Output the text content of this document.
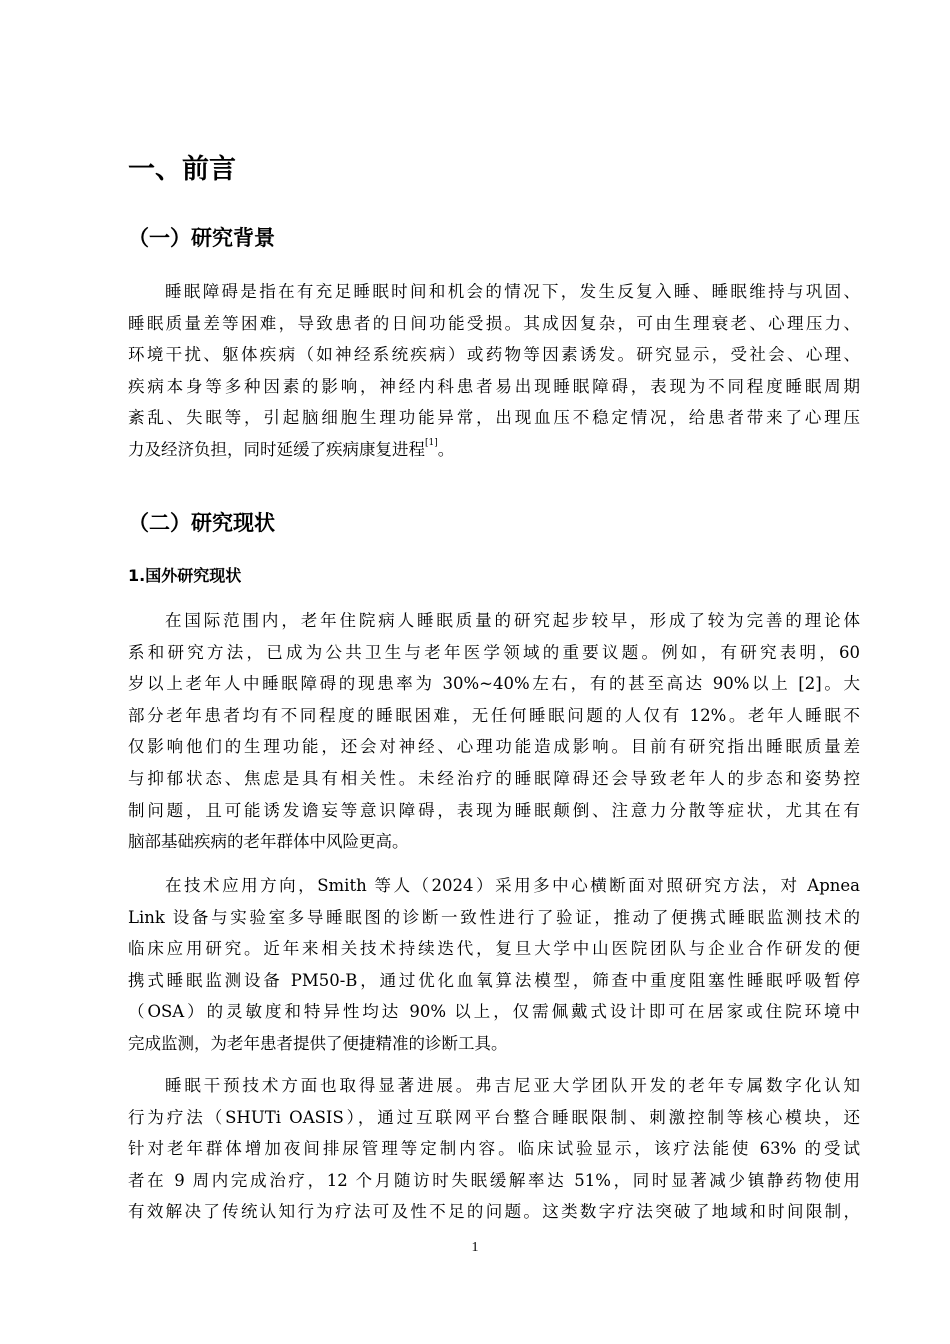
一、前言
（一）研究背景
睡眠障碍是指在有充足睡眠时间和机会的情况下，发生反复入睡、睡眠维持与巩固、
睡眠质量差等困难，导致患者的日间功能受损。其成因复杂，可由生理衰老、心理压力、
环境干扰、躯体疾病（如神经系统疾病）或药物等因素诱发。研究显示，受社会、心理、
疾病本身等多种因素的影响，神经内科患者易出现睡眠障碍，表现为不同程度睡眠周期
紊乱、失眠等，引起脑细胞生理功能异常，出现血压不稳定情况，给患者带来了心理压
力及经济负担，同时延缓了疾病康复进程[1]。
（二）研究现状
1.国外研究现状
在国际范围内，老年住院病人睡眠质量的研究起步较早，形成了较为完善的理论体
系和研究方法，已成为公共卫生与老年医学领域的重要议题。例如，有研究表明，60
岁以上老年人中睡眠障碍的现患率为 30%~40%左右，有的甚至高达 90%以上 [2]。大
部分老年患者均有不同程度的睡眠困难，无任何睡眠问题的人仅有 12%。老年人睡眠不
仅影响他们的生理功能，还会对神经、心理功能造成影响。目前有研究指出睡眠质量差
与抑郁状态、焦虑是具有相关性。未经治疗的睡眠障碍还会导致老年人的步态和姿势控
制问题，且可能诱发谵妄等意识障碍，表现为睡眠颠倒、注意力分散等症状，尤其在有
脑部基础疾病的老年群体中风险更高。
在技术应用方向，Smith 等人（2024）采用多中心横断面对照研究方法，对 Apnea
Link 设备与实验室多导睡眠图的诊断一致性进行了验证，推动了便携式睡眠监测技术的
临床应用研究。近年来相关技术持续迭代，复旦大学中山医院团队与企业合作研发的便
携式睡眠监测设备 PM50-B，通过优化血氧算法模型，筛查中重度阻塞性睡眠呼吸暂停
（OSA）的灵敏度和特异性均达 90% 以上，仅需佩戴式设计即可在居家或住院环境中
完成监测，为老年患者提供了便捷精准的诊断工具。
睡眠干预技术方面也取得显著进展。弗吉尼亚大学团队开发的老年专属数字化认知
行为疗法（SHUTi OASIS），通过互联网平台整合睡眠限制、刺激控制等核心模块，还
针对老年群体增加夜间排尿管理等定制内容。临床试验显示，该疗法能使 63% 的受试
者在 9 周内完成治疗，12 个月随访时失眠缓解率达 51%，同时显著减少镇静药物使用
有效解决了传统认知行为疗法可及性不足的问题。这类数字疗法突破了地域和时间限制，
1
